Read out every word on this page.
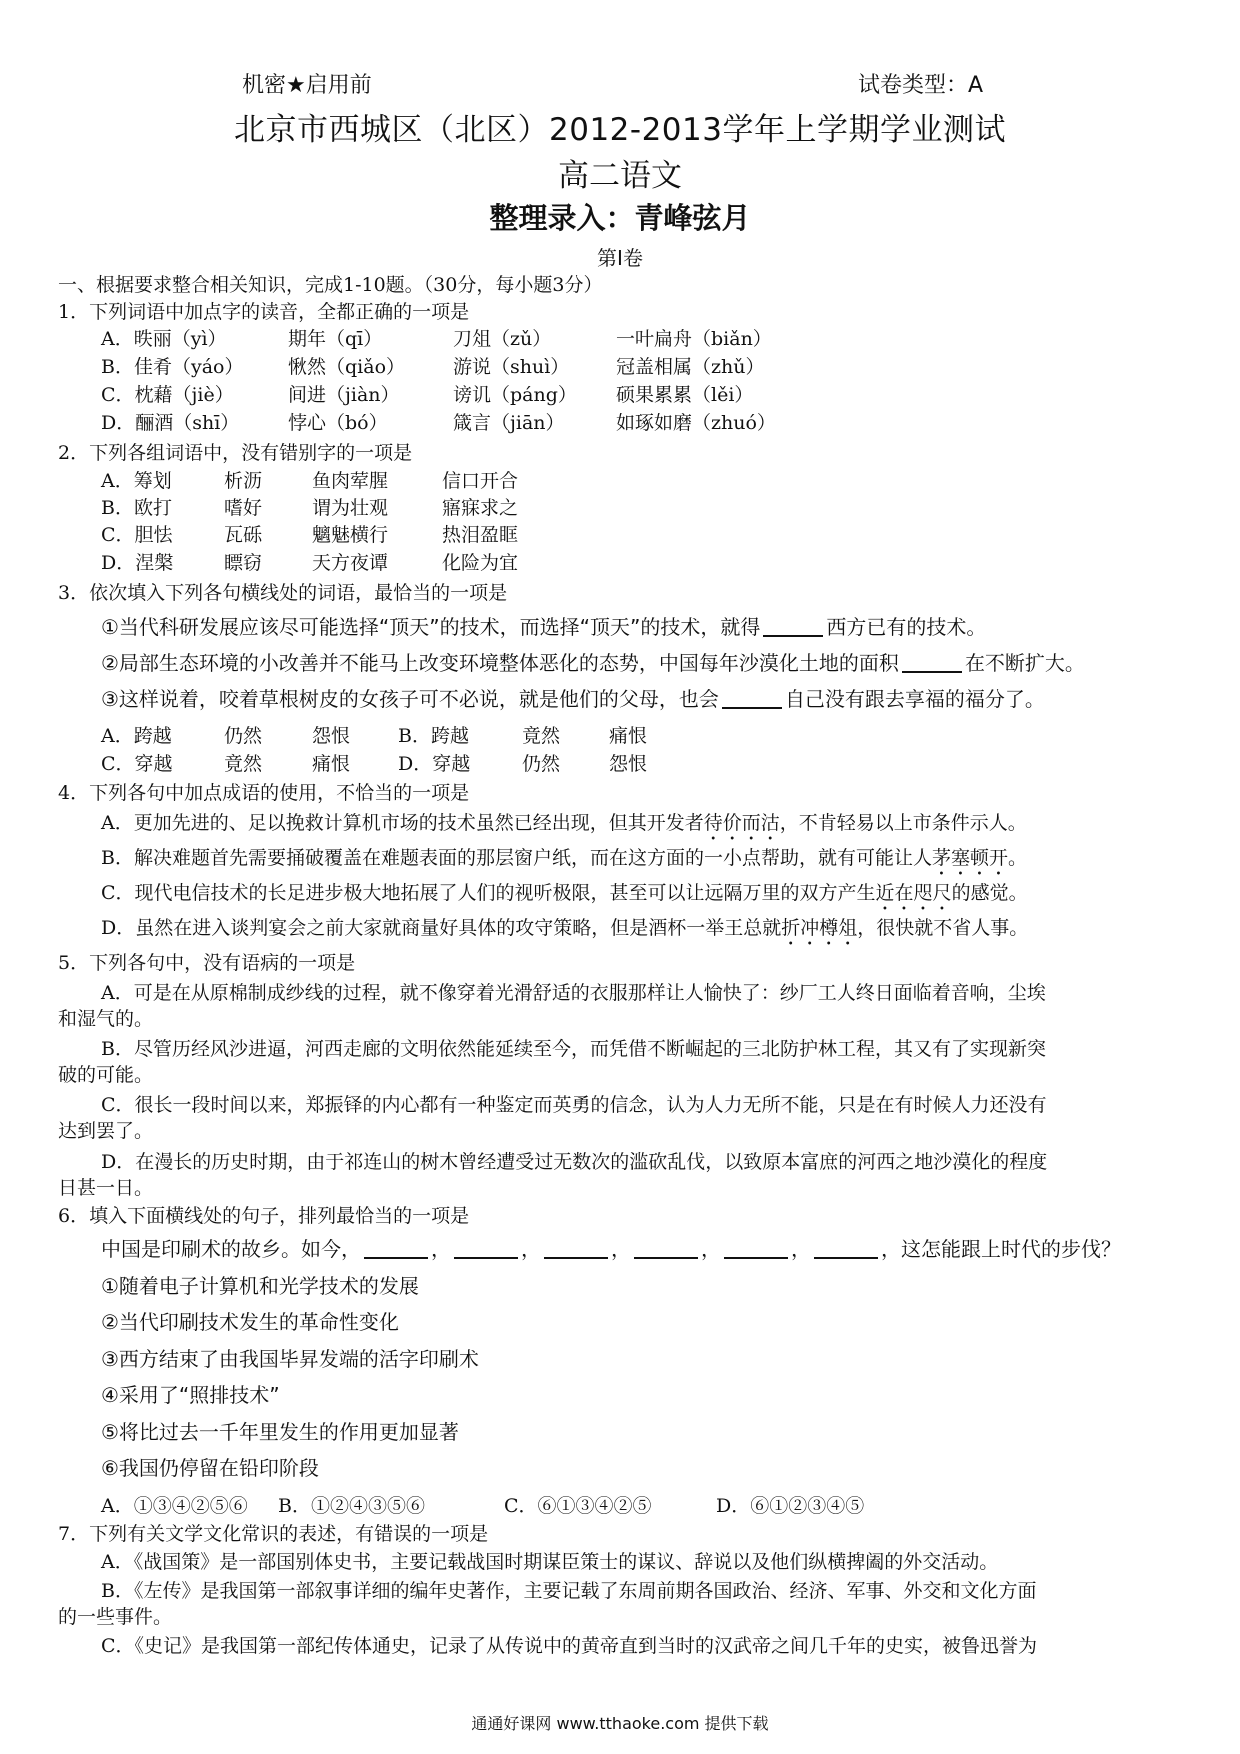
机密★启用前	试卷类型：A
北京市西城区（北区）2012-2013学年上学期学业测试
高二语文
整理录入：青峰弦月
第Ⅰ卷
一、根据要求整合相关知识，完成1-10题。（30分，每小题3分）
1．下列词语中加点字的读音，全都正确的一项是
A．昳丽（yì）	期年（qī）	刀俎（zǔ）	一叶扁舟（biǎn）
B．佳肴（yáo） 愀然（qiǎo）	游说（shuì） 冠盖相属（zhǔ）
C．枕藉（jiè）	间进（jiàn）	谤讥（páng） 硕果累累（lěi）
D．酾酒（shī）	悖心（bó）	箴言（jiān）	如琢如磨（zhuó）
2．下列各组词语中，没有错别字的一项是
A．筹划	析沥	鱼肉荤腥	信口开合
B．欧打	嗜好	谓为壮观	寤寐求之
C．胆怯	瓦砾	魑魅横行	热泪盈眶
D．涅槃	瞟窃	天方夜谭	化险为宜
3．依次填入下列各句横线处的词语，最恰当的一项是
①当代科研发展应该尽可能选择“顶天”的技术，而选择“顶天”的技术，就得	西方已有的技术。
②局部生态环境的小改善并不能马上改变环境整体恶化的态势，中国每年沙漠化土地的面积	在不断扩大。
③这样说着，咬着草根树皮的女孩子可不必说，就是他们的父母，也会	自己没有跟去享福的福分了。
A．跨越	仍然	怨恨	B．跨越	竟然	痛恨
C．穿越	竟然	痛恨	D．穿越	仍然	怨恨
4．下列各句中加点成语的使用，不恰当的一项是
A．更加先进的、足以挽救计算机市场的技术虽然已经出现，但其开发者待价而沽，不肯轻易以上市条件示人。
B．解决难题首先需要捅破覆盖在难题表面的那层窗户纸，而在这方面的一小点帮助，就有可能让人茅塞顿开。
C．现代电信技术的长足进步极大地拓展了人们的视听极限，甚至可以让远隔万里的双方产生近在咫尺的感觉。
D．虽然在进入谈判宴会之前大家就商量好具体的攻守策略，但是酒杯一举王总就折冲樽俎，很快就不省人事。
5．下列各句中，没有语病的一项是
A．可是在从原棉制成纱线的过程，就不像穿着光滑舒适的衣服那样让人愉快了：纱厂工人终日面临着音响，尘埃
和湿气的。
B．尽管历经风沙进逼，河西走廊的文明依然能延续至今，而凭借不断崛起的三北防护林工程，其又有了实现新突
破的可能。
C．很长一段时间以来，郑振铎的内心都有一种鉴定而英勇的信念，认为人力无所不能，只是在有时候人力还没有
达到罢了。
D．在漫长的历史时期，由于祁连山的树木曾经遭受过无数次的滥砍乱伐，以致原本富庶的河西之地沙漠化的程度
日甚一日。
6．填入下面横线处的句子，排列最恰当的一项是
中国是印刷术的故乡。如今，	，	，	，	，	，	，这怎能跟上时代的步伐？
①随着电子计算机和光学技术的发展
②当代印刷技术发生的革命性变化
③西方结束了由我国毕昇发端的活字印刷术
④采用了“照排技术”
⑤将比过去一千年里发生的作用更加显著
⑥我国仍停留在铅印阶段
A．①③④②⑤⑥ B．①②④③⑤⑥	C．⑥①③④②⑤	D．⑥①②③④⑤
7．下列有关文学文化常识的表述，有错误的一项是
A．《战国策》是一部国别体史书，主要记载战国时期谋臣策士的谋议、辞说以及他们纵横捭阖的外交活动。
B．《左传》是我国第一部叙事详细的编年史著作，主要记载了东周前期各国政治、经济、军事、外交和文化方面
的一些事件。
C．《史记》是我国第一部纪传体通史，记录了从传说中的黄帝直到当时的汉武帝之间几千年的史实，被鲁迅誉为
通通好课网 www.tthaoke.com 提供下载
